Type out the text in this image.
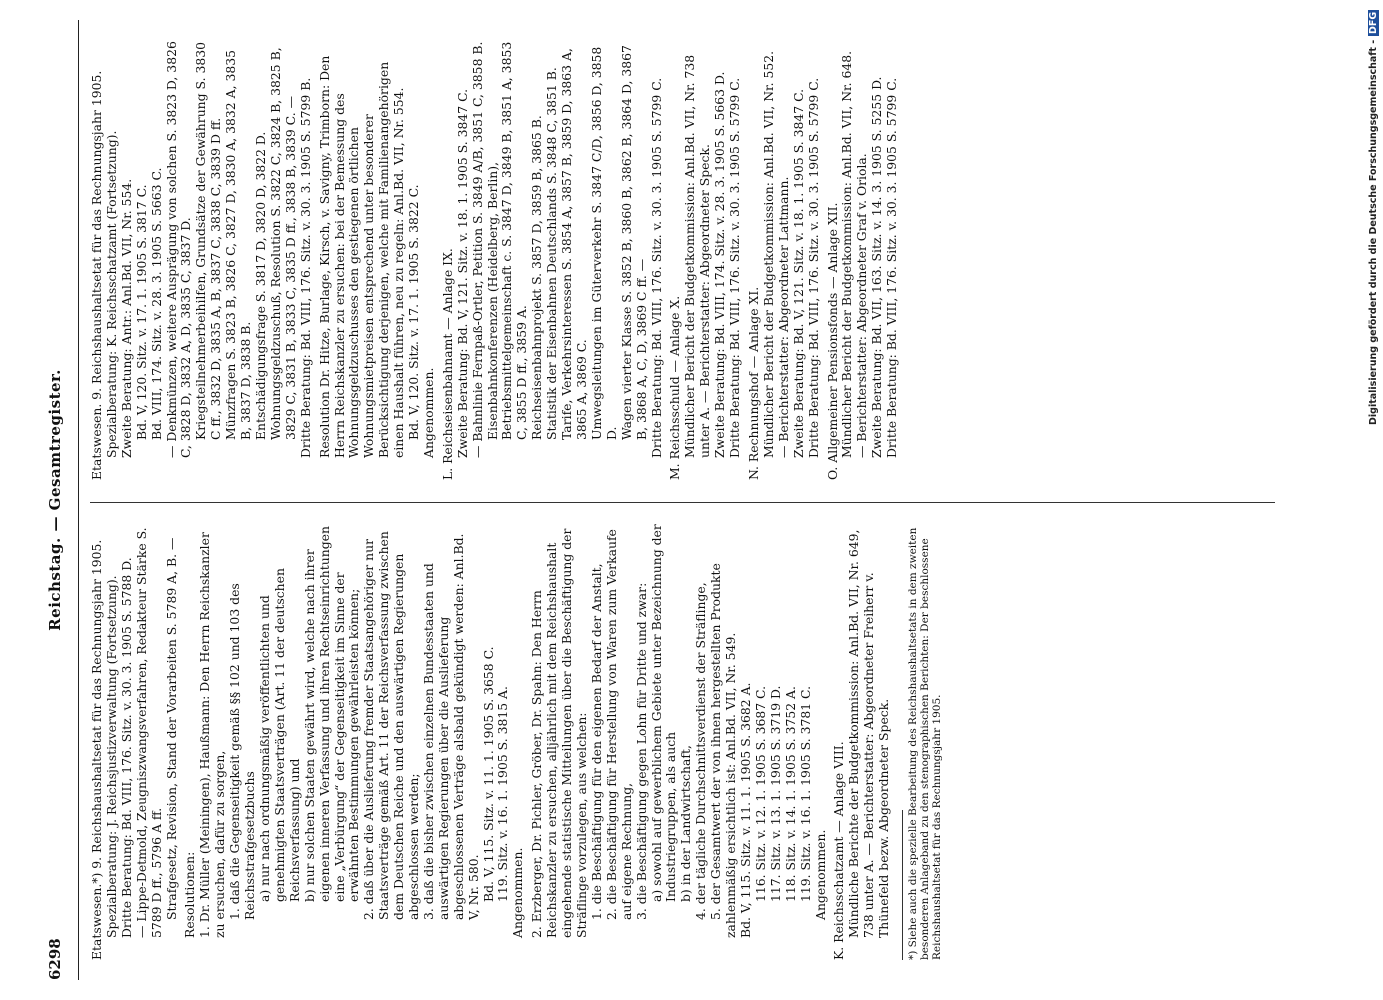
6298
Reichstag. — Gesamtregister.

Etatswesen.*) 9. Reichshaushaltsetat für das Rechnungsjahr 1905. Spezialberatung: J. Reichsjustizverwaltung (Fortsetzung). Dritte Beratung: Bd. VIII, 176. Sitz. v. 30. 3. 1905 S. 5788 D. — Lippe-Detmold, Zeugniszwangsverfahren, Redakteur Stärke S. 5789 D ff., 5796 A ff. Strafgesetz, Revision, Stand der Vorarbeiten S. 5789 A, B. — Resolutionen: 1. Dr. Müller (Meiningen), Haußmann: Den Herrn Reichskanzler zu ersuchen, dafür zu sorgen, 1. daß die Gegenseitigkeit gemäß §§ 102 und 103 des Reichsstrafgesetzbuchs a) nur nach ordnungsmäßig veröffentlichten und genehmigten Staatsverträgen (Art. 11 der deutschen Reichsverfassung) und b) nur solchen Staaten gewährt wird, welche nach ihrer eigenen inneren Verfassung und ihren Rechtseinrichtungen eine „Verbürgung“ der Gegenseitigkeit im Sinne der erwähnten Bestimmungen gewährleisten können; 2. daß über die Auslieferung fremder Staatsangehöriger nur Staatsverträge gemäß Art. 11 der Reichsverfassung zwischen dem Deutschen Reiche und den auswärtigen Regierungen abgeschlossen werden; 3. daß die bisher zwischen einzelnen Bundesstaaten und auswärtigen Regierungen über die Auslieferung abgeschlossenen Verträge alsbald gekündigt werden: Anl.Bd. V, Nr. 580. Bd. V, 115. Sitz. v. 11. 1. 1905 S. 3658 C. 119. Sitz. v. 16. 1. 1905 S. 3815 A. Angenommen. 2. Erzberger, Dr. Pichler, Gröber, Dr. Spahn: Den Herrn Reichskanzler zu ersuchen, alljährlich mit dem Reichshaushalt eingehende statistische Mitteilungen über die Beschäftigung der Sträflinge vorzulegen, aus welchen: 1. die Beschäftigung für den eigenen Bedarf der Anstalt, 2. die Beschäftigung für Herstellung von Waren zum Verkaufe auf eigene Rechnung, 3. die Beschäftigung gegen Lohn für Dritte und zwar: a) sowohl auf gewerblichem Gebiete unter Bezeichnung der Industriegruppen, als auch b) in der Landwirtschaft, 4. der tägliche Durchschnittsverdienst der Sträflinge, 5. der Gesamtwert der von ihnen hergestellten Produkte zahlenmäßig ersichtlich ist: Anl.Bd. VII, Nr. 549. Bd. V, 115. Sitz. v. 11. 1. 1905 S. 3682 A. 116. Sitz. v. 12. 1. 1905 S. 3687 C. 117. Sitz. v. 13. 1. 1905 S. 3719 D. 118. Sitz. v. 14. 1. 1905 S. 3752 A. 119. Sitz. v. 16. 1. 1905 S. 3781 C. Angenommen. K. Reichsschatzamt — Anlage VIII. Mündliche Berichte der Budgetkommission: Anl.Bd. VII, Nr. 649, 738 unter A. — Berichterstatter: Abgeordneter Freiherr v. Thünefeld bezw. Abgeordneter Speck. *) Siehe auch die spezielle Bearbeitung des Reichshaushaltsetats in dem zweiten besonderen Anlageband zu den stenographischen Berichten: Der beschlossene Reichshaushaltsetat für das Rechnungsjahr 1905.

Etatswesen. 9. Reichshaushaltsetat für das Rechnungsjahr 1905. Spezialberatung: K. Reichsschatzamt (Fortsetzung). Zweite Beratung: Antr.: Anl.Bd. VII, Nr. 554. Bd. V, 120. Sitz. v. 17. 1. 1905 S. 3817 C. Bd. VIII, 174. Sitz. v. 28. 3. 1905 S. 5663 C. — Denkmünzen, weitere Ausprägung von solchen S. 3823 D, 3826 C, 3828 D, 3832 A, D, 3835 C, 3837 D. Kriegsteilnehmerbeihilfen, Grundsätze der Gewährung S. 3830 C ff., 3832 D, 3835 A, B, 3837 C, 3838 C, 3839 D ff. Münzfragen S. 3823 B, 3826 C, 3827 D, 3830 A, 3832 A, 3835 B, 3837 D, 3838 B. Entschädigungsfrage S. 3817 D, 3820 D, 3822 D. Wohnungsgeldzuschuß, Resolution S. 3822 C, 3824 B, 3825 B, 3829 C, 3831 B, 3833 C, 3835 D ff., 3838 B, 3839 C. — Dritte Beratung: Bd. VIII, 176. Sitz. v. 30. 3. 1905 S. 5799 B. Resolution Dr. Hitze, Burlage, Kirsch, v. Savigny, Trimborn: Den Herrn Reichskanzler zu ersuchen: bei der Bemessung des Wohnungsgeldzuschusses den gestiegenen örtlichen Wohnungsmietpreisen entsprechend unter besonderer Berücksichtigung derjenigen, welche mit Familienangehörigen einen Haushalt führen, neu zu regeln: Anl.Bd. VII, Nr. 554. Bd. V, 120. Sitz. v. 17. 1. 1905 S. 3822 C. Angenommen. L. Reichseisenbahnamt — Anlage IX. Zweite Beratung: Bd. V, 121. Sitz. v. 18. 1. 1905 S. 3847 C. — Bahnlinie Fernpaß-Ortler, Petition S. 3849 A/B, 3851 C, 3858 B. Eisenbahnkonferenzen (Heidelberg, Berlin), Betriebsmittelgemeinschaft c. S. 3847 D, 3849 B, 3851 A, 3853 C, 3855 D ff., 3859 A. Reichseisenbahnprojekt S. 3857 D, 3859 B, 3865 B. Statistik der Eisenbahnen Deutschlands S. 3848 C, 3851 B. Tarife, Verkehrsinteressen S. 3854 A, 3857 B, 3859 D, 3863 A, 3865 A, 3869 C. Umwegsleitungen im Güterverkehr S. 3847 C/D, 3856 D, 3858 D. Wagen vierter Klasse S. 3852 B, 3860 B, 3862 B, 3864 D, 3867 B, 3868 A, C, D, 3869 C ff. — Dritte Beratung: Bd. VIII, 176. Sitz. v. 30. 3. 1905 S. 5799 C. M. Reichsschuld — Anlage X. Mündlicher Bericht der Budgetkommission: Anl.Bd. VII, Nr. 738 unter A. — Berichterstatter: Abgeordneter Speck. Zweite Beratung: Bd. VIII, 174. Sitz. v. 28. 3. 1905 S. 5663 D. Dritte Beratung: Bd. VIII, 176. Sitz. v. 30. 3. 1905 S. 5799 C. N. Rechnungshof — Anlage XI. Mündlicher Bericht der Budgetkommission: Anl.Bd. VII, Nr. 552. — Berichterstatter: Abgeordneter Lattmann. Zweite Beratung: Bd. V, 121. Sitz. v. 18. 1. 1905 S. 3847 C. Dritte Beratung: Bd. VIII, 176. Sitz. v. 30. 3. 1905 S. 5799 C. O. Allgemeiner Pensionsfonds — Anlage XII. Mündlicher Bericht der Budgetkommission: Anl.Bd. VII, Nr. 648. — Berichterstatter: Abgeordneter Graf v. Oriola. Zweite Beratung: Bd. VII, 163. Sitz. v. 14. 3. 1905 S. 5255 D. Dritte Beratung: Bd. VIII, 176. Sitz. v. 30. 3. 1905 S. 5799 C.	Digitalisierung gefördert durch die Deutsche Forschungsgemeinschaft - DFG
